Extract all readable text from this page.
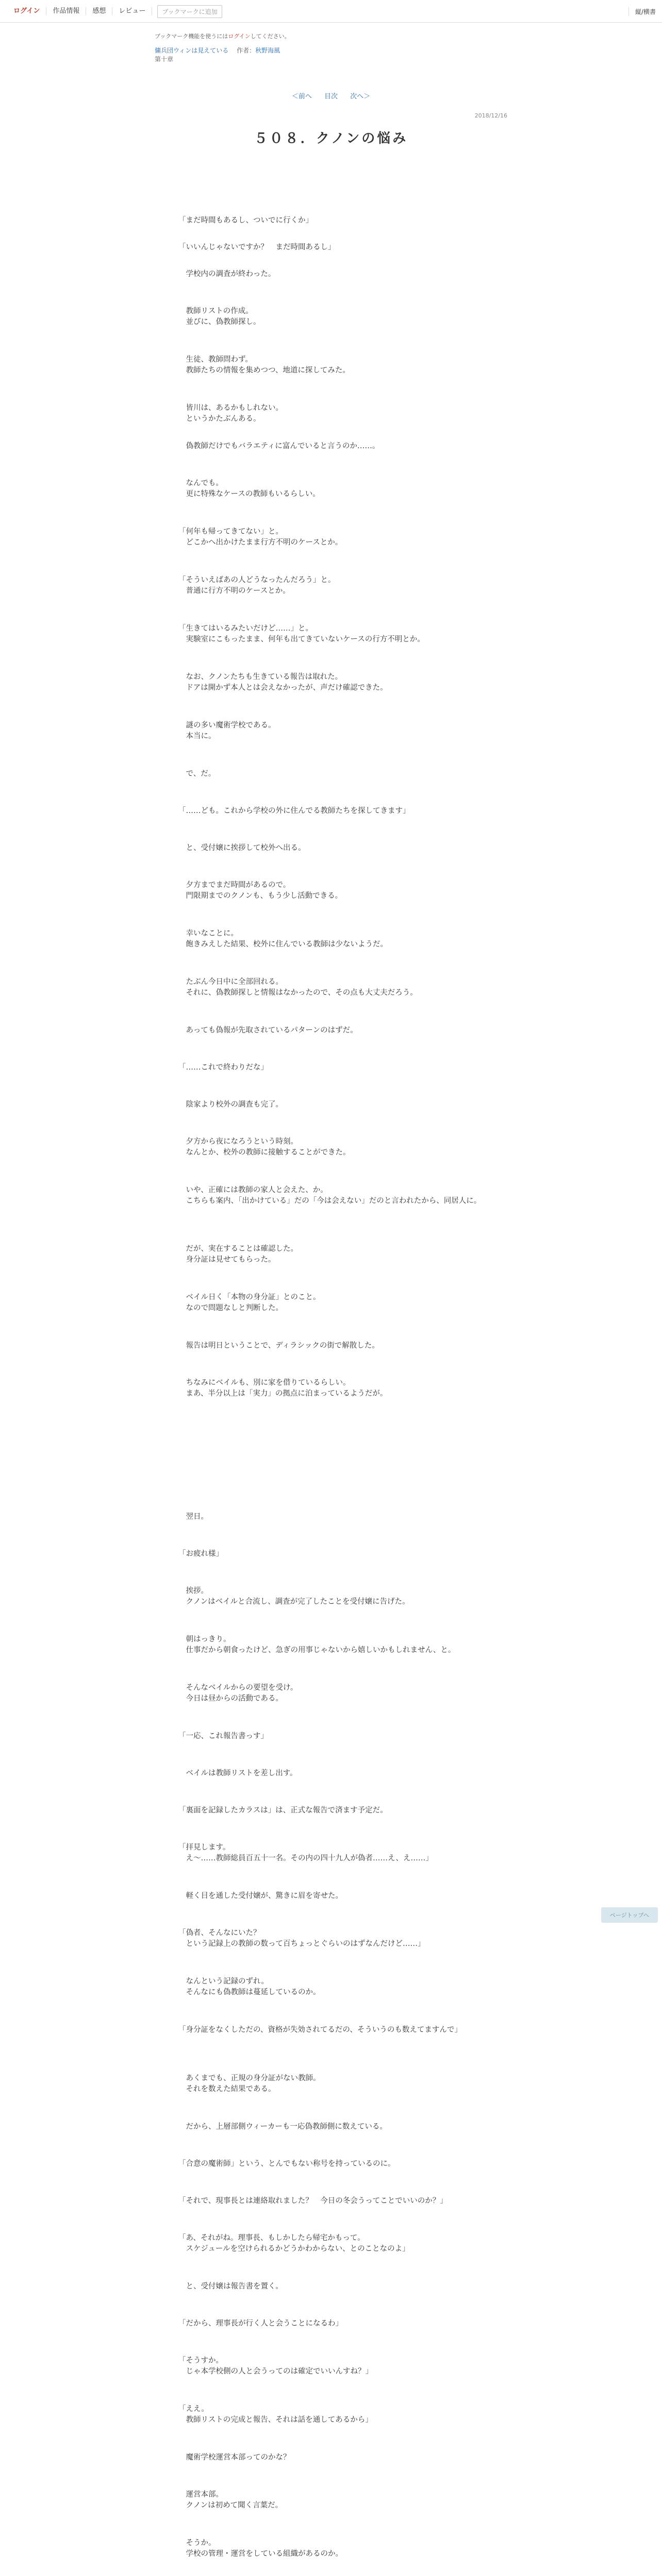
ログイン	作品情報	感想	レビュー	ブックマークに追加	縦/横書
ブックマーク機能を使うにはログインしてください。
傭兵団ウィンは見えている 　 作者：秋野海風
第十章
＜前へ 目次 次へ＞
2018/12/16
５０８．クノンの悩み

「まだ時間もあるし、ついでに行くか」

「いいんじゃないですか？　まだ時間あるし」

　学校内の調査が終わった。

　教師リストの作成。
　並びに、偽教師探し。

　生徒、教師問わず。
　教師たちの情報を集めつつ、地道に探してみた。

　皆川は、あるかもしれない。
　というかたぶんある。

　偽教師だけでもバラエティに富んでいると言うのか……。

　なんでも。
　更に特殊なケースの教師もいるらしい。

「何年も帰ってきてない」と。
　どこかへ出かけたまま行方不明のケースとか。

「そういえばあの人どうなったんだろう」と。
　普通に行方不明のケースとか。

「生きてはいるみたいだけど……」と。
　実験室にこもったまま、何年も出てきていないケースの行方不明とか。

　なお、クノンたちも生きている報告は取れた。
　ドアは開かず本人とは会えなかったが、声だけ確認できた。

　謎の多い魔術学校である。
　本当に。

　で、だ。

「……ども。これから学校の外に住んでる教師たちを探してきます」

　と、受付嬢に挨拶して校外へ出る。

　夕方までまだ時間があるので。
　門限期までのクノンも、もう少し活動できる。

　幸いなことに。
　飽きみえした結果、校外に住んでいる教師は少ないようだ。

　たぶん今日中に全部回れる。
　それに、偽教師探しと情報はなかったので、その点も大丈夫だろう。

　あっても偽報が先取されているパターンのはずだ。

「……これで終わりだな」

　陰家より校外の調査も完了。

　夕方から夜になろうという時刻。
　なんとか、校外の教師に接触することができた。

　いや、正確には教師の家人と会えた、か。
　こちらも案内、「出かけている」だの「今は会えない」だのと言われたから、同居人に。

　だが、実在することは確認した。
　身分証は見せてもらった。

　ベイル日く「本物の身分証」とのこと。
　なので問題なしと判断した。

　報告は明日ということで、ディラシックの街で解散した。

　ちなみにベイルも、別に家を借りているらしい。
　まあ、半分以上は「実力」の拠点に泊まっているようだが。

　翌日。

「お疲れ様」

　挨拶。
　クノンはベイルと合流し、調査が完了したことを受付嬢に告げた。

　朝はっきり。
　仕事だから朝食ったけど、急ぎの用事じゃないから嬉しいかもしれません、と。

　そんなベイルからの要望を受け。
　今日は昼からの活動である。

「一応、これ報告書っす」

　ベイルは教師リストを差し出す。

「裏面を記録したカラスは」は、正式な報告で済ます予定だ。

「拝見します。
　え～……教師総員百五十一名。その内の四十九人が偽者……え、え……」

　軽く目を通した受付嬢が、驚きに眉を寄せた。

「偽者、そんなにいた？
　という記録上の教師の数って百ちょっとぐらいのはずなんだけど……」

　なんという記録のずれ。
　そんなにも偽教師は蔓延しているのか。

「身分証をなくしただの、資格が失効されてるだの、そういうのも数えてますんで」

　あくまでも、正規の身分証がない教師。
　それを数えた結果である。

　だから、上層部側ウィーカーも一応偽教師側に数えている。

「合意の魔術師」という、とんでもない称号を持っているのに。

「それで、現事長とは連絡取れました？　今日の冬会うってことでいいのか？」

「あ、それがね。理事長、もしかしたら帰宅かもって。
　スケジュールを空けられるかどうかわからない、とのことなのよ」

　と、受付嬢は報告書を置く。

「だから、理事長が行く人と会うことになるわ」

「そうすか。
　じゃ本学校側の人と会うってのは確定でいいんすね？」

「ええ。
　教師リストの完成と報告、それは話を通してあるから」

　魔術学校運営本部ってのかな？

　運営本部。
　クノンは初めて聞く言葉だ。

　そうか。
　学校の管理・運営をしている組織があるのか。

ページトップへ
